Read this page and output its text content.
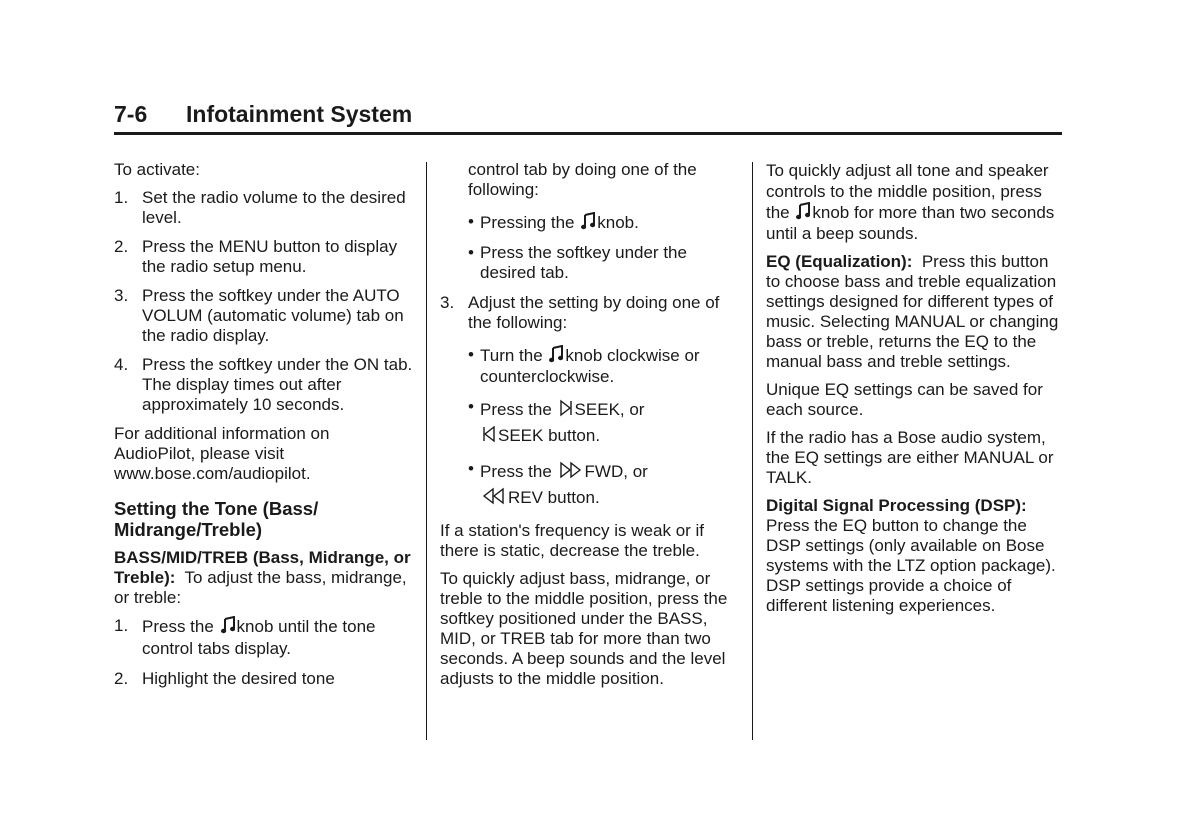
7-6 Infotainment System

To activate:

1. Set the radio volume to the desired level.
2. Press the MENU button to display the radio setup menu.
3. Press the softkey under the AUTO VOLUM (automatic volume) tab on the radio display.
4. Press the softkey under the ON tab. The display times out after approximately 10 seconds.

For additional information on AudioPilot, please visit www.bose.com/audiopilot.

Setting the Tone (Bass/ Midrange/Treble)

BASS/MID/TREB (Bass, Midrange, or Treble): To adjust the bass, midrange, or treble:

1. Press the knob until the tone control tabs display.
2. Highlight the desired tone

control tab by doing one of the following:

• Pressing the knob.
• Press the softkey under the desired tab.
3. Adjust the setting by doing one of the following:
• Turn the knob clockwise or counterclockwise.
• Press the SEEK, or
SEEK button.
• Press the FWD, or
REV button.

If a station's frequency is weak or if there is static, decrease the treble.

To quickly adjust bass, midrange, or treble to the middle position, press the softkey positioned under the BASS, MID, or TREB tab for more than two seconds. A beep sounds and the level adjusts to the middle position.

To quickly adjust all tone and speaker controls to the middle position, press the knob for more than two seconds until a beep sounds.

EQ (Equalization): Press this button to choose bass and treble equalization settings designed for different types of music. Selecting MANUAL or changing bass or treble, returns the EQ to the manual bass and treble settings.

Unique EQ settings can be saved for each source.

If the radio has a Bose audio system, the EQ settings are either MANUAL or TALK.

Digital Signal Processing (DSP): Press the EQ button to change the DSP settings (only available on Bose systems with the LTZ option package). DSP settings provide a choice of different listening experiences.
